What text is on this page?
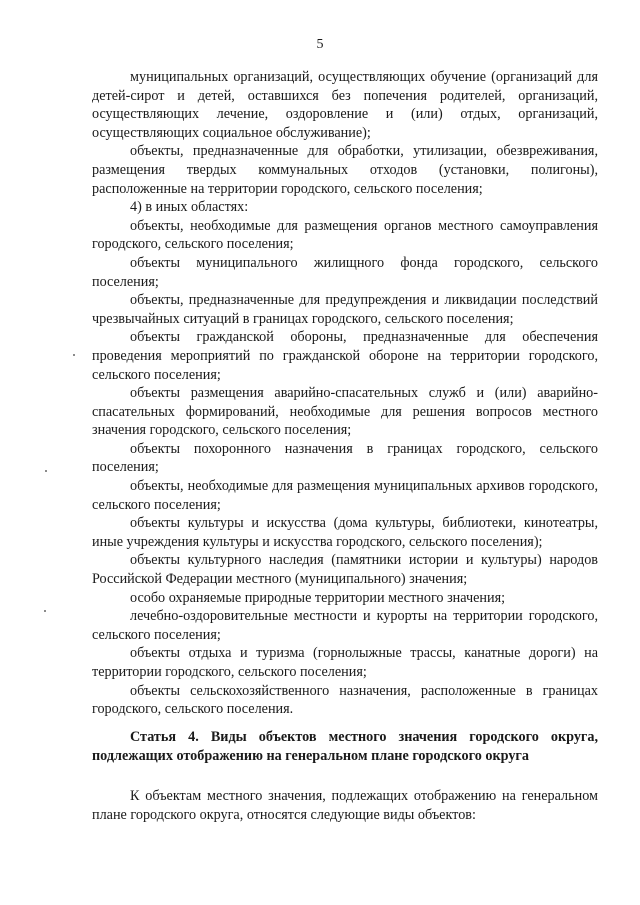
5

муниципальных организаций, осуществляющих обучение (организаций для детей-сирот и детей, оставшихся без попечения родителей, организаций, осуществляющих лечение, оздоровление и (или) отдых, организаций, осуществляющих социальное обслуживание);

объекты, предназначенные для обработки, утилизации, обезвреживания, размещения твердых коммунальных отходов (установки, полигоны), расположенные на территории городского, сельского поселения;

4) в иных областях:

объекты, необходимые для размещения органов местного самоуправления городского, сельского поселения;

объекты муниципального жилищного фонда городского, сельского поселения;

объекты, предназначенные для предупреждения и ликвидации последствий чрезвычайных ситуаций в границах городского, сельского поселения;

объекты гражданской обороны, предназначенные для обеспечения проведения мероприятий по гражданской обороне на территории городского, сельского поселения;

объекты размещения аварийно-спасательных служб и (или) аварийно-спасательных формирований, необходимые для решения вопросов местного значения городского, сельского поселения;

объекты похоронного назначения в границах городского, сельского поселения;

объекты, необходимые для размещения муниципальных архивов городского, сельского поселения;

объекты культуры и искусства (дома культуры, библиотеки, кинотеатры, иные учреждения культуры и искусства городского, сельского поселения);

объекты культурного наследия (памятники истории и культуры) народов Российской Федерации местного (муниципального) значения;

особо охраняемые природные территории местного значения;

лечебно-оздоровительные местности и курорты на территории городского, сельского поселения;

объекты отдыха и туризма (горнолыжные трассы, канатные дороги) на территории городского, сельского поселения;

объекты сельскохозяйственного назначения, расположенные в границах городского, сельского поселения.

Статья 4. Виды объектов местного значения городского округа, подлежащих отображению на генеральном плане городского округа

К объектам местного значения, подлежащих отображению на генеральном плане городского округа, относятся следующие виды объектов:
